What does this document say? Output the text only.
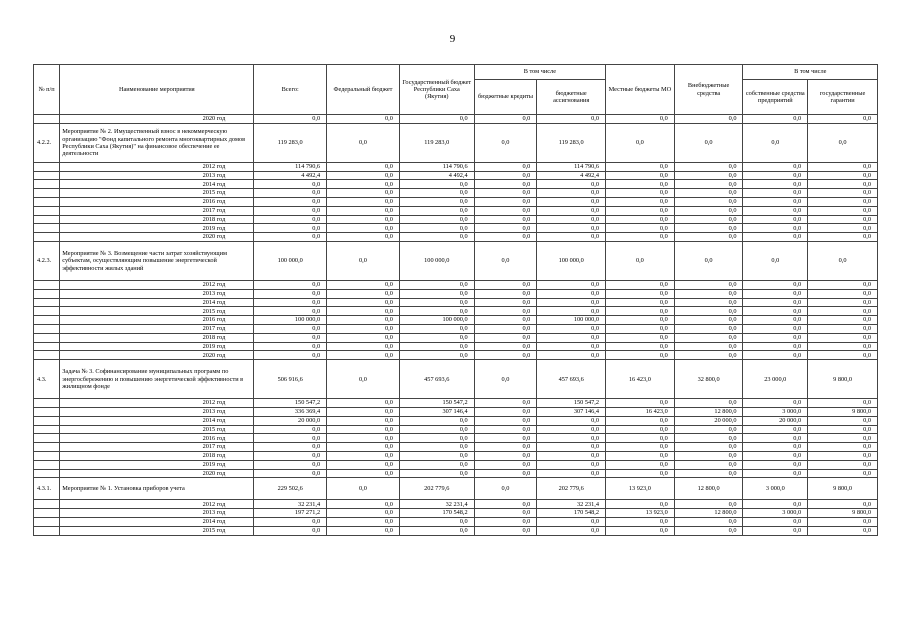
9
№ п/п	Наименование мероприятия	Всего:	Федеральный бюджет	Государственный бюджет Республики Саха (Якутия)	В том числе		Местные бюджеты МО	Внебюджетные средства	В том числе	
					бюджетные кредиты	бюджетные ассигнования			собственные средства предприятий	государственные гарантии
	2020 год	0,0	0,0	0,0	0,0	0,0	0,0	0,0	0,0	0,0
4.2.2.	Мероприятие № 2. Имущественный взнос в некоммерческую организацию "Фонд капитального ремонта многоквартирных домов Республики Саха (Якутия)" на финансовое обеспечение ее деятельности	119 283,0	0,0	119 283,0	0,0	119 283,0	0,0	0,0	0,0	0,0
	2012 год	114 790,6	0,0	114 790,6	0,0	114 790,6	0,0	0,0	0,0	0,0
	2013 год	4 492,4	0,0	4 492,4	0,0	4 492,4	0,0	0,0	0,0	0,0
	2014 год	0,0	0,0	0,0	0,0	0,0	0,0	0,0	0,0	0,0
	2015 год	0,0	0,0	0,0	0,0	0,0	0,0	0,0	0,0	0,0
	2016 год	0,0	0,0	0,0	0,0	0,0	0,0	0,0	0,0	0,0
	2017 год	0,0	0,0	0,0	0,0	0,0	0,0	0,0	0,0	0,0
	2018 год	0,0	0,0	0,0	0,0	0,0	0,0	0,0	0,0	0,0
	2019 год	0,0	0,0	0,0	0,0	0,0	0,0	0,0	0,0	0,0
	2020 год	0,0	0,0	0,0	0,0	0,0	0,0	0,0	0,0	0,0
4.2.3.	Мероприятие № 3. Возмещение части затрат хозяйствующим субъектам, осуществляющим повышение энергетической эффективности жилых зданий	100 000,0	0,0	100 000,0	0,0	100 000,0	0,0	0,0	0,0	0,0
	2012 год	0,0	0,0	0,0	0,0	0,0	0,0	0,0	0,0	0,0
	2013 год	0,0	0,0	0,0	0,0	0,0	0,0	0,0	0,0	0,0
	2014 год	0,0	0,0	0,0	0,0	0,0	0,0	0,0	0,0	0,0
	2015 год	0,0	0,0	0,0	0,0	0,0	0,0	0,0	0,0	0,0
	2016 год	100 000,0	0,0	100 000,0	0,0	100 000,0	0,0	0,0	0,0	0,0
	2017 год	0,0	0,0	0,0	0,0	0,0	0,0	0,0	0,0	0,0
	2018 год	0,0	0,0	0,0	0,0	0,0	0,0	0,0	0,0	0,0
	2019 год	0,0	0,0	0,0	0,0	0,0	0,0	0,0	0,0	0,0
	2020 год	0,0	0,0	0,0	0,0	0,0	0,0	0,0	0,0	0,0
4.3.	Задача № 3. Софинансирование муниципальных программ по энергосбережению и повышению энергетической эффективности в жилищном фонде	506 916,6	0,0	457 693,6	0,0	457 693,6	16 423,0	32 800,0	23 000,0	9 800,0
	2012 год	150 547,2	0,0	150 547,2	0,0	150 547,2	0,0	0,0	0,0	0,0
	2013 год	336 369,4	0,0	307 146,4	0,0	307 146,4	16 423,0	12 800,0	3 000,0	9 800,0
	2014 год	20 000,0	0,0	0,0	0,0	0,0	0,0	20 000,0	20 000,0	0,0
	2015 год	0,0	0,0	0,0	0,0	0,0	0,0	0,0	0,0	0,0
	2016 год	0,0	0,0	0,0	0,0	0,0	0,0	0,0	0,0	0,0
	2017 год	0,0	0,0	0,0	0,0	0,0	0,0	0,0	0,0	0,0
	2018 год	0,0	0,0	0,0	0,0	0,0	0,0	0,0	0,0	0,0
	2019 год	0,0	0,0	0,0	0,0	0,0	0,0	0,0	0,0	0,0
	2020 год	0,0	0,0	0,0	0,0	0,0	0,0	0,0	0,0	0,0
4.3.1.	Мероприятие № 1. Установка приборов учета	229 502,6	0,0	202 779,6	0,0	202 779,6	13 923,0	12 800,0	3 000,0	9 800,0
	2012 год	32 231,4	0,0	32 231,4	0,0	32 231,4	0,0	0,0	0,0	0,0
	2013 год	197 271,2	0,0	170 548,2	0,0	170 548,2	13 923,0	12 800,0	3 000,0	9 800,0
	2014 год	0,0	0,0	0,0	0,0	0,0	0,0	0,0	0,0	0,0
	2015 год	0,0	0,0	0,0	0,0	0,0	0,0	0,0	0,0	0,0
